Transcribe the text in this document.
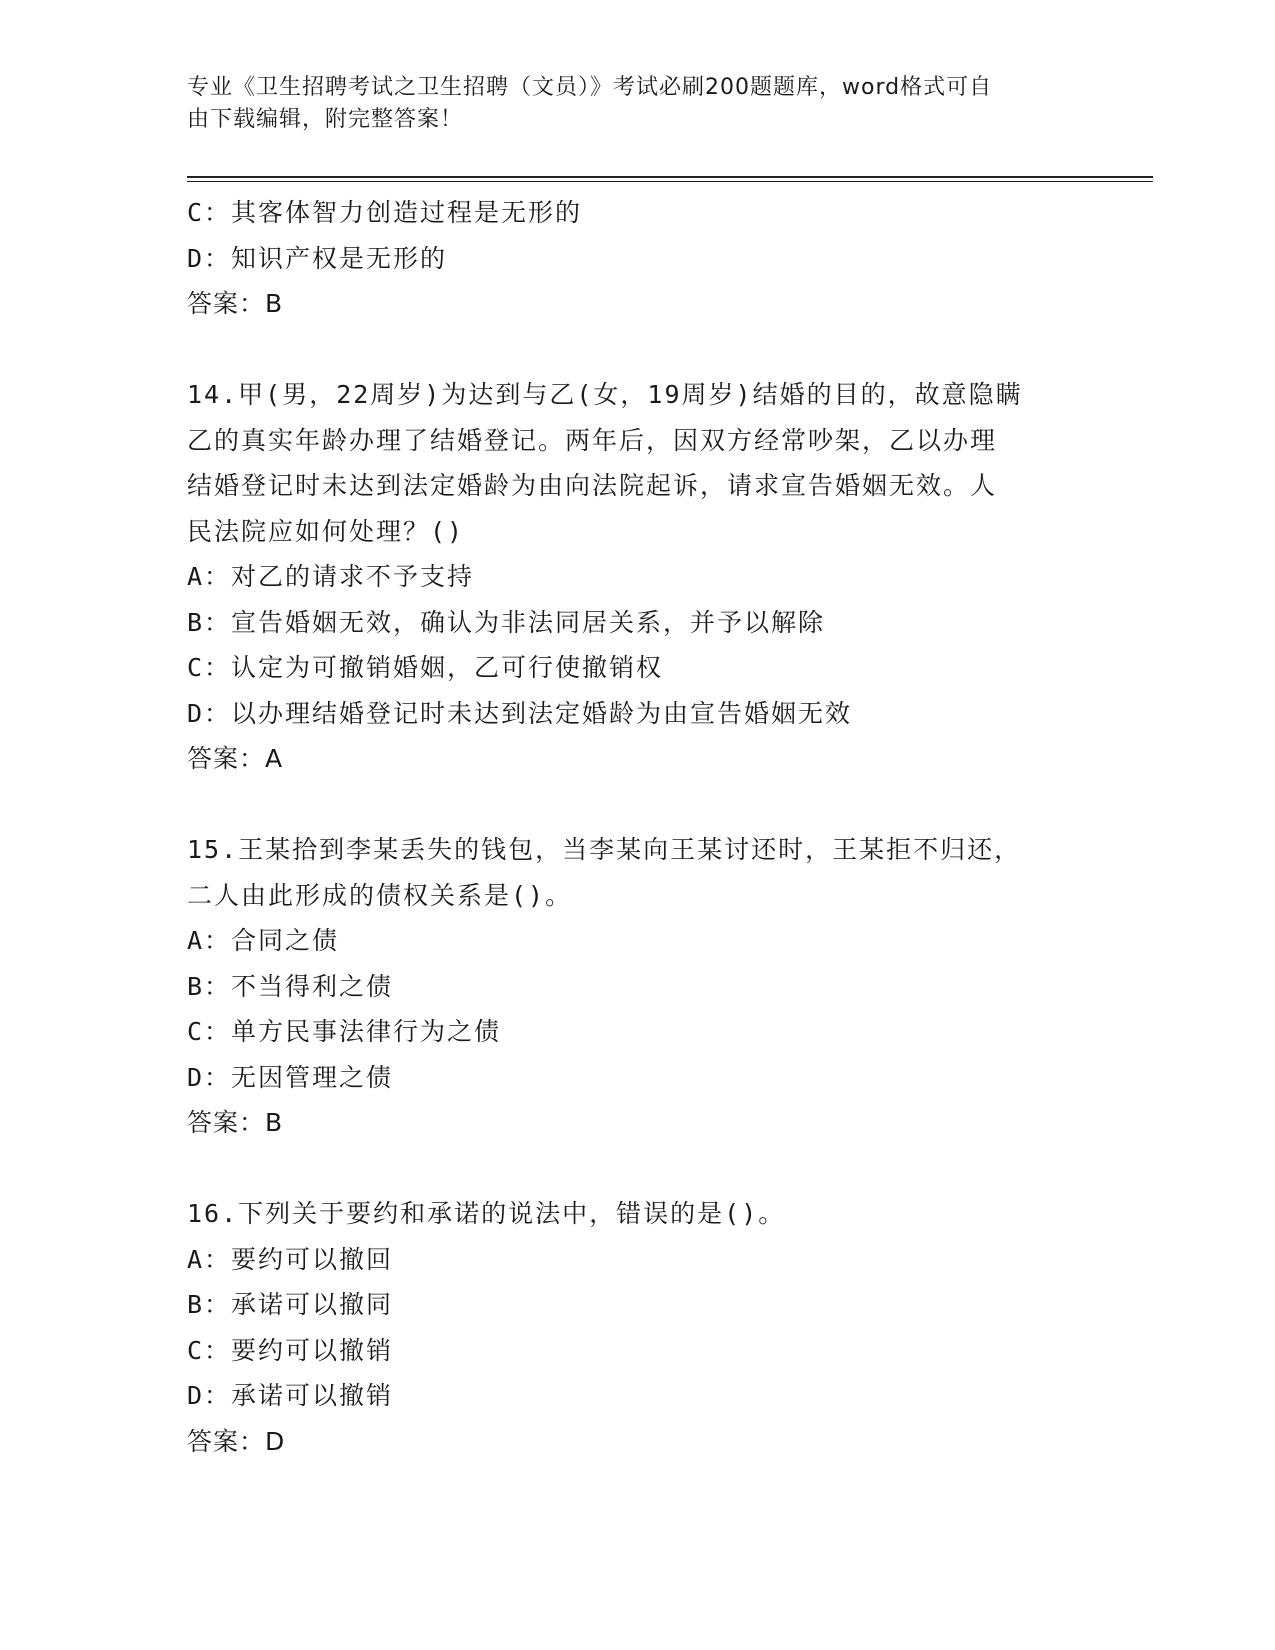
专业《卫生招聘考试之卫生招聘（文员）》考试必刷200题题库，word格式可自
由下载编辑，附完整答案！
C：其客体智力创造过程是无形的
D：知识产权是无形的
答案：B
14.甲(男，22周岁)为达到与乙(女，19周岁)结婚的目的，故意隐瞒
乙的真实年龄办理了结婚登记。两年后，因双方经常吵架，乙以办理
结婚登记时未达到法定婚龄为由向法院起诉，请求宣告婚姻无效。人
民法院应如何处理？()
A：对乙的请求不予支持
B：宣告婚姻无效，确认为非法同居关系，并予以解除
C：认定为可撤销婚姻，乙可行使撤销权
D：以办理结婚登记时未达到法定婚龄为由宣告婚姻无效
答案：A
15.王某拾到李某丢失的钱包，当李某向王某讨还时，王某拒不归还，
二人由此形成的债权关系是()。
A：合同之债
B：不当得利之债
C：单方民事法律行为之债
D：无因管理之债
答案：B
16.下列关于要约和承诺的说法中，错误的是()。
A：要约可以撤回
B：承诺可以撤同
C：要约可以撤销
D：承诺可以撤销
答案：D
